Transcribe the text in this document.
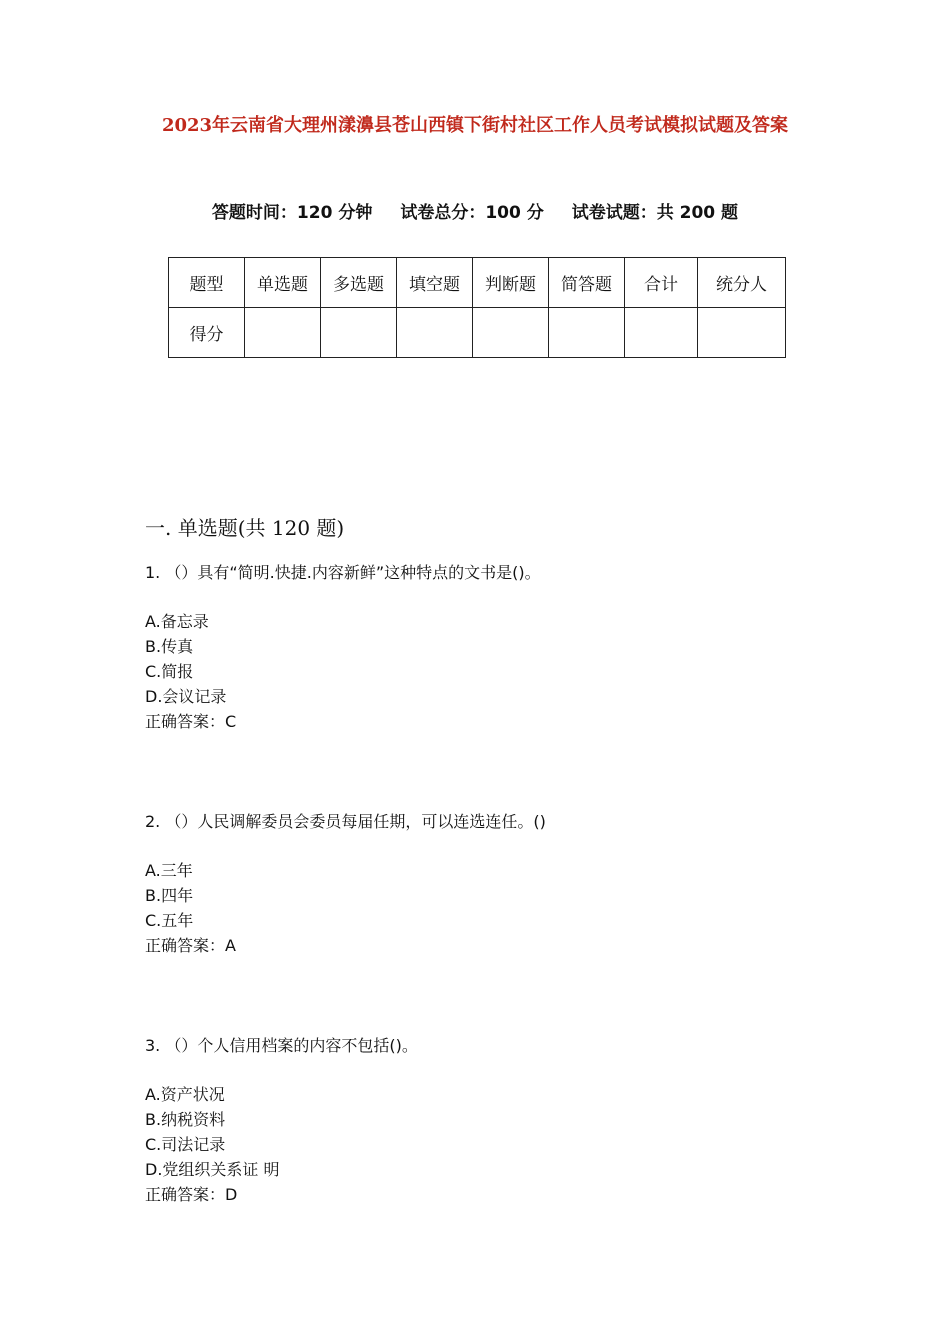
2023年云南省大理州漾濞县苍山西镇下街村社区工作人员考试模拟试题及答案
答题时间：120 分钟 试卷总分：100 分 试卷试题：共 200 题
题型	单选题	多选题	填空题	判断题	简答题	合计	统分人
得分							
一. 单选题(共 120 题)
1. （）具有“简明.快捷.内容新鲜”这种特点的文书是()。
A.备忘录
B.传真
C.简报
D.会议记录
正确答案：C
2. （）人民调解委员会委员每届任期，可以连选连任。()
A.三年
B.四年
C.五年
正确答案：A
3. （）个人信用档案的内容不包括()。
A.资产状况
B.纳税资料
C.司法记录
D.党组织关系证 明
正确答案：D
